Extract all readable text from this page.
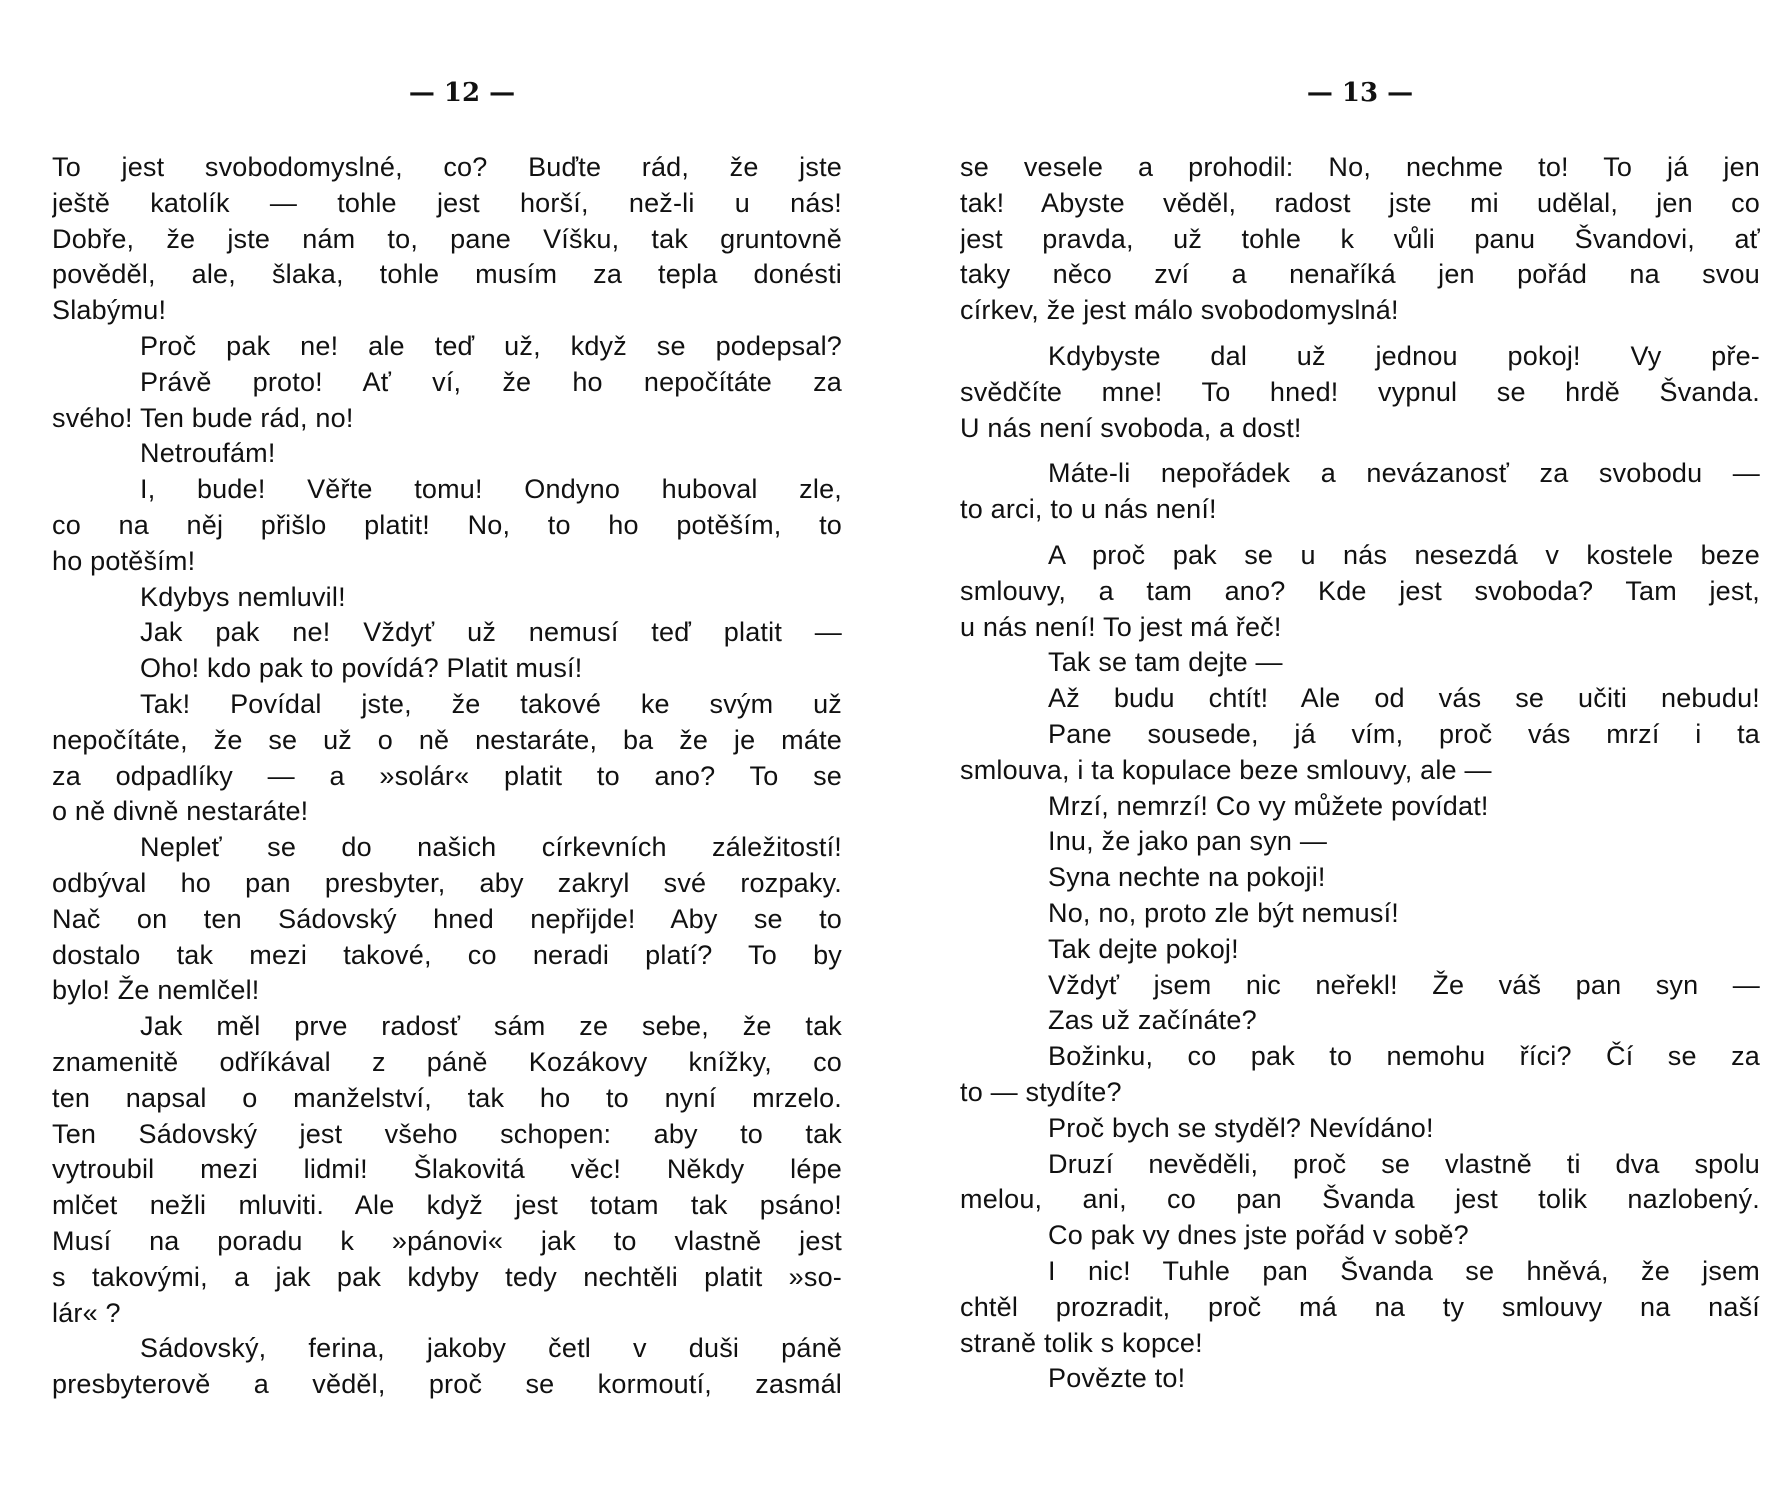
— 12 —
To jest svobodomyslné, co? Buďte rád, že jste
ještě katolík — tohle jest horší, než-li u nás!
Dobře, že jste nám to, pane Víšku, tak gruntovně
pověděl, ale, šlaka, tohle musím za tepla donésti
Slabýmu!
Proč pak ne! ale teď už, když se podepsal?
Právě proto! Ať ví, že ho nepočítáte za
svého! Ten bude rád, no!
Netroufám!
I, bude! Věřte tomu! Ondyno huboval zle,
co na něj přišlo platit! No, to ho potěším, to
ho potěším!
Kdybys nemluvil!
Jak pak ne! Vždyť už nemusí teď platit —
Oho! kdo pak to povídá? Platit musí!
Tak! Povídal jste, že takové ke svým už
nepočítáte, že se už o ně nestaráte, ba že je máte
za odpadlíky — a »solár« platit to ano? To se
o ně divně nestaráte!
Nepleť se do našich církevních záležitostí!
odbýval ho pan presbyter, aby zakryl své rozpaky.
Nač on ten Sádovský hned nepřijde! Aby se to
dostalo tak mezi takové, co neradi platí? To by
bylo! Že nemlčel!
Jak měl prve radosť sám ze sebe, že tak
znamenitě odříkával z páně Kozákovy knížky, co
ten napsal o manželství, tak ho to nyní mrzelo.
Ten Sádovský jest všeho schopen: aby to tak
vytroubil mezi lidmi! Šlakovitá věc! Někdy lépe
mlčet nežli mluviti. Ale když jest totam tak psáno!
Musí na poradu k »pánovi« jak to vlastně jest
s takovými, a jak pak kdyby tedy nechtěli platit »so-
lár« ?
Sádovský, ferina, jakoby četl v duši páně
presbyterově a věděl, proč se kormoutí, zasmál
— 13 —
se vesele a prohodil: No, nechme to! To já jen
tak! Abyste věděl, radost jste mi udělal, jen co
jest pravda, už tohle k vůli panu Švandovi, ať
taky něco zví a nenaříká jen pořád na svou
církev, že jest málo svobodomyslná!
Kdybyste dal už jednou pokoj! Vy pře-
svědčíte mne! To hned! vypnul se hrdě Švanda.
U nás není svoboda, a dost!
Máte-li nepořádek a nevázanosť za svobodu —
to arci, to u nás není!
A proč pak se u nás nesezdá v kostele beze
smlouvy, a tam ano? Kde jest svoboda? Tam jest,
u nás není! To jest má řeč!
Tak se tam dejte —
Až budu chtít! Ale od vás se učiti nebudu!
Pane sousede, já vím, proč vás mrzí i ta
smlouva, i ta kopulace beze smlouvy, ale —
Mrzí, nemrzí! Co vy můžete povídat!
Inu, že jako pan syn —
Syna nechte na pokoji!
No, no, proto zle být nemusí!
Tak dejte pokoj!
Vždyť jsem nic neřekl! Že váš pan syn —
Zas už začínáte?
Božinku, co pak to nemohu říci? Čí se za
to — stydíte?
Proč bych se styděl? Nevídáno!
Druzí nevěděli, proč se vlastně ti dva spolu
melou, ani, co pan Švanda jest tolik nazlobený.
Co pak vy dnes jste pořád v sobě?
I nic! Tuhle pan Švanda se hněvá, že jsem
chtěl prozradit, proč má na ty smlouvy na naší
straně tolik s kopce!
Povězte to!
